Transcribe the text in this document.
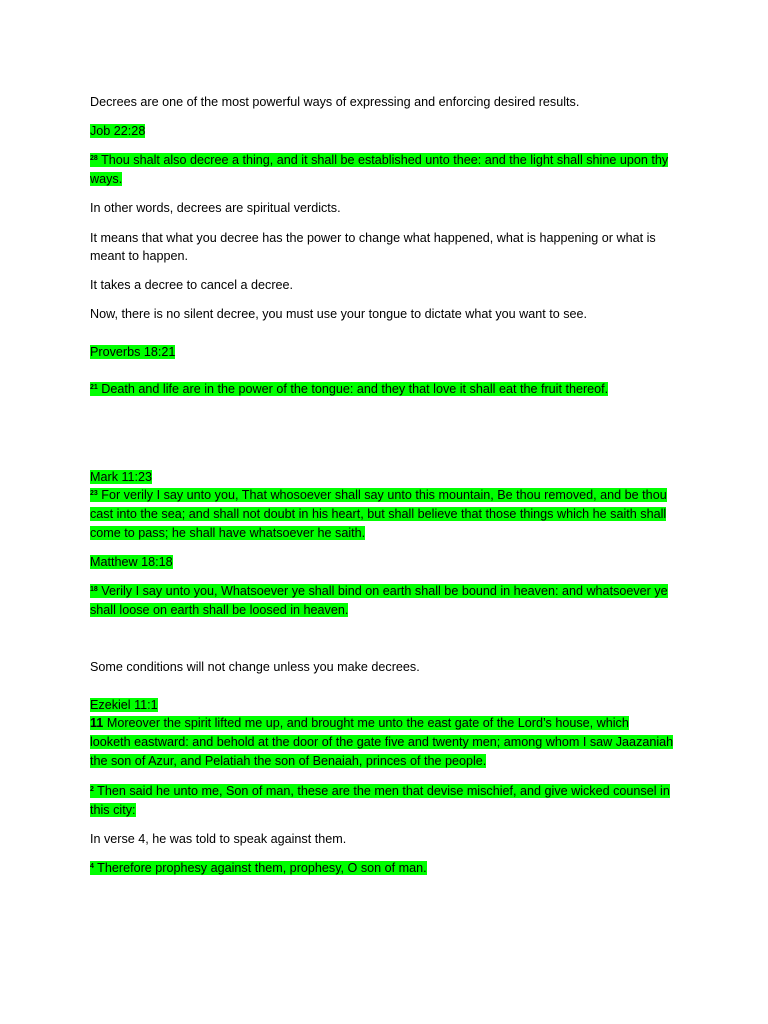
Decrees are one of the most powerful ways of expressing and enforcing desired results.
Job 22:28
$^{28}$ Thou shalt also decree a thing, and it shall be established unto thee: and the light shall shine upon thy
ways.
In other words, decrees are spiritual verdicts.
It means that what you decree has the power to change what happened, what is happening or what is
meant to happen.
It takes a decree to cancel a decree.
Now, there is no silent decree, you must use your tongue to dictate what you want to see.
Proverbs 18:21
$^{21}$ Death and life are in the power of the tongue: and they that love it shall eat the fruit thereof.
Mark 11:23
$^{23}$ For verily I say unto you, That whosoever shall say unto this mountain, Be thou removed, and be thou
cast into the sea; and shall not doubt in his heart, but shall believe that those things which he saith shall
come to pass; he shall have whatsoever he saith.
Matthew 18:18
$^{18}$ Verily I say unto you, Whatsoever ye shall bind on earth shall be bound in heaven: and whatsoever ye
shall loose on earth shall be loosed in heaven.
Some conditions will not change unless you make decrees.
Ezekiel 11:1
11 Moreover the spirit lifted me up, and brought me unto the east gate of the Lord’s house, which
looketh eastward: and behold at the door of the gate five and twenty men; among whom I saw Jaazaniah
the son of Azur, and Pelatiah the son of Benaiah, princes of the people.
$^2$ Then said he unto me, Son of man, these are the men that devise mischief, and give wicked counsel in
this city:
In verse 4, he was told to speak against them.
$^4$ Therefore prophesy against them, prophesy, O son of man.
